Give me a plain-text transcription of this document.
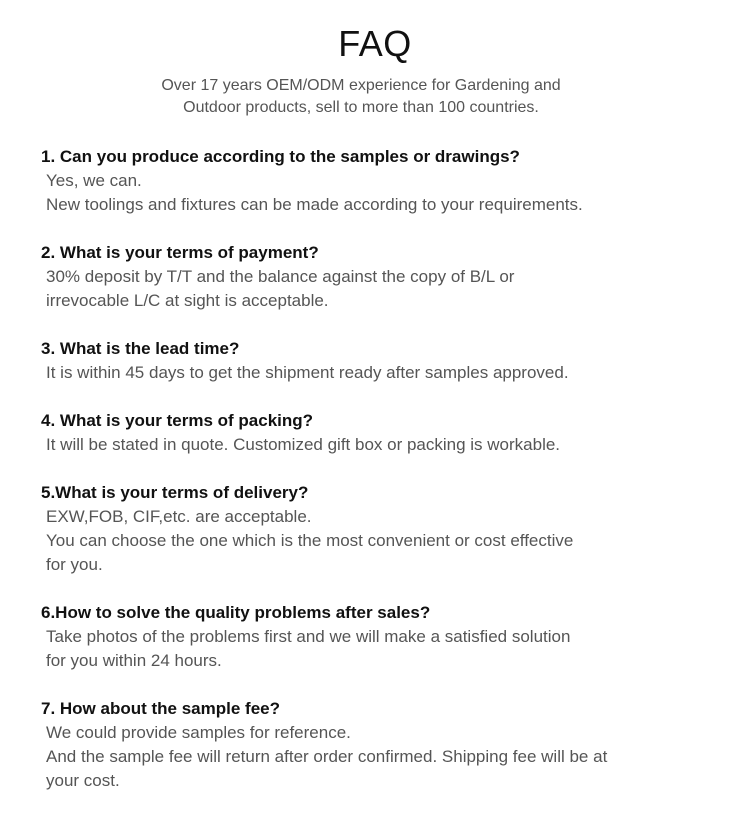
FAQ
Over 17 years OEM/ODM experience for Gardening and
Outdoor products, sell to more than 100 countries.
1. Can you produce according to the samples or drawings?
Yes, we can.
New toolings and fixtures can be made according to your requirements.
2. What is your terms of payment?
30% deposit by T/T and the balance against the copy of B/L or
irrevocable L/C at sight is acceptable.
3. What is the lead time?
It is within 45 days to get the shipment ready after samples approved.
4. What is your terms of packing?
It will be stated in quote. Customized gift box or packing is workable.
5.What is your terms of delivery?
EXW,FOB, CIF,etc. are acceptable.
You can choose the one which is the most convenient or cost effective
for you.
6.How to solve the quality problems after sales?
Take photos of the problems first and we will make a satisfied solution
for you within 24 hours.
7. How about the sample fee?
We could provide samples for reference.
And the sample fee will return after order confirmed. Shipping fee will be at
your cost.
